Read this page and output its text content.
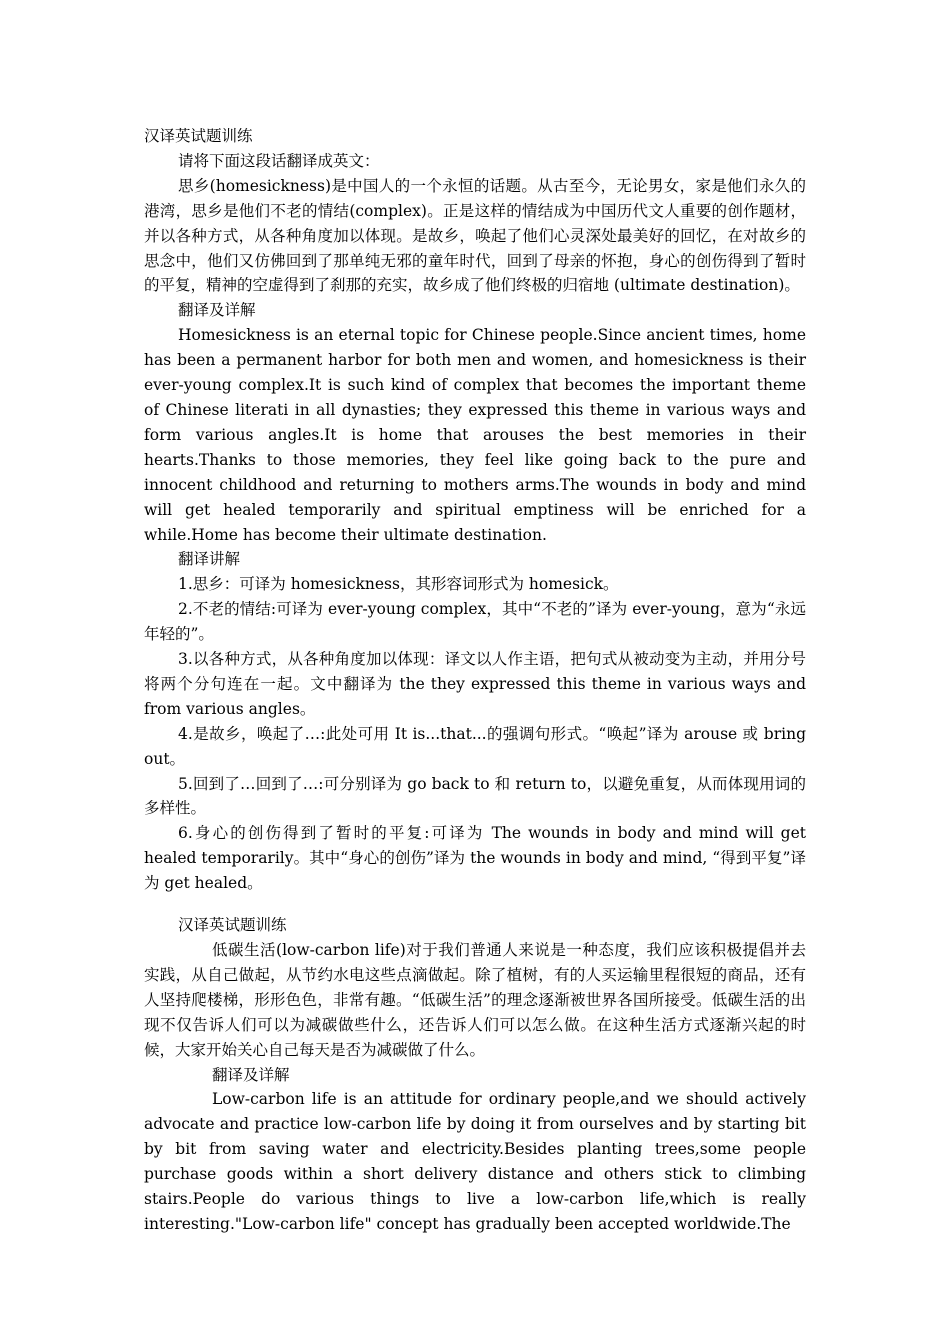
汉译英试题训练

请将下面这段话翻译成英文：

思乡(homesickness)是中国人的一个永恒的话题。从古至今，无论男女，家是他们永久的港湾，思乡是他们不老的情结(complex)。正是这样的情结成为中国历代文人重要的创作题材，并以各种方式，从各种角度加以体现。是故乡，唤起了他们心灵深处最美好的回忆，在对故乡的思念中，他们又仿佛回到了那单纯无邪的童年时代，回到了母亲的怀抱，身心的创伤得到了暂时的平复，精神的空虚得到了刹那的充实，故乡成了他们终极的归宿地 (ultimate destination)。

翻译及详解

Homesickness is an eternal topic for Chinese people.Since ancient times, home has been a permanent harbor for both men and women, and homesickness is their ever-young complex.It is such kind of complex that becomes the important theme of Chinese literati in all dynasties; they expressed this theme in various ways and form various angles.It is home that arouses the best memories in their hearts.Thanks to those memories, they feel like going back to the pure and innocent childhood and returning to mothers arms.The wounds in body and mind will get healed temporarily and spiritual emptiness will be enriched for a while.Home has become their ultimate destination.

翻译讲解

1.思乡：可译为 homesickness，其形容词形式为 homesick。

2.不老的情结:可译为 ever-young complex，其中“不老的”译为 ever-young，意为“永远年轻的”。

3.以各种方式，从各种角度加以体现：译文以人作主语，把句式从被动变为主动，并用分号将两个分句连在一起。文中翻译为 the they expressed this theme in various ways and from various angles。

4.是故乡，唤起了…:此处可用 It is...that...的强调句形式。“唤起”译为 arouse 或 bring out。

5.回到了…回到了…:可分别译为 go back to 和 return to，以避免重复，从而体现用词的多样性。

6.身心的创伤得到了暂时的平复:可译为 The wounds in body and mind will get healed temporarily。其中“身心的创伤”译为 the wounds in body and mind, “得到平复”译为 get healed。

汉译英试题训练

低碳生活(low-carbon life)对于我们普通人来说是一种态度，我们应该积极提倡并去实践，从自己做起，从节约水电这些点滴做起。除了植树，有的人买运输里程很短的商品，还有人坚持爬楼梯，形形色色，非常有趣。“低碳生活”的理念逐渐被世界各国所接受。低碳生活的出现不仅告诉人们可以为减碳做些什么，还告诉人们可以怎么做。在这种生活方式逐渐兴起的时候，大家开始关心自己每天是否为减碳做了什么。

翻译及详解

Low-carbon life is an attitude for ordinary people,and we should actively advocate and practice low-carbon life by doing it from ourselves and by starting bit by bit from saving water and electricity.Besides planting trees,some people purchase goods within a short delivery distance and others stick to climbing stairs.People do various things to live a low-carbon life,which is really interesting."Low-carbon life" concept has gradually been accepted worldwide.The
